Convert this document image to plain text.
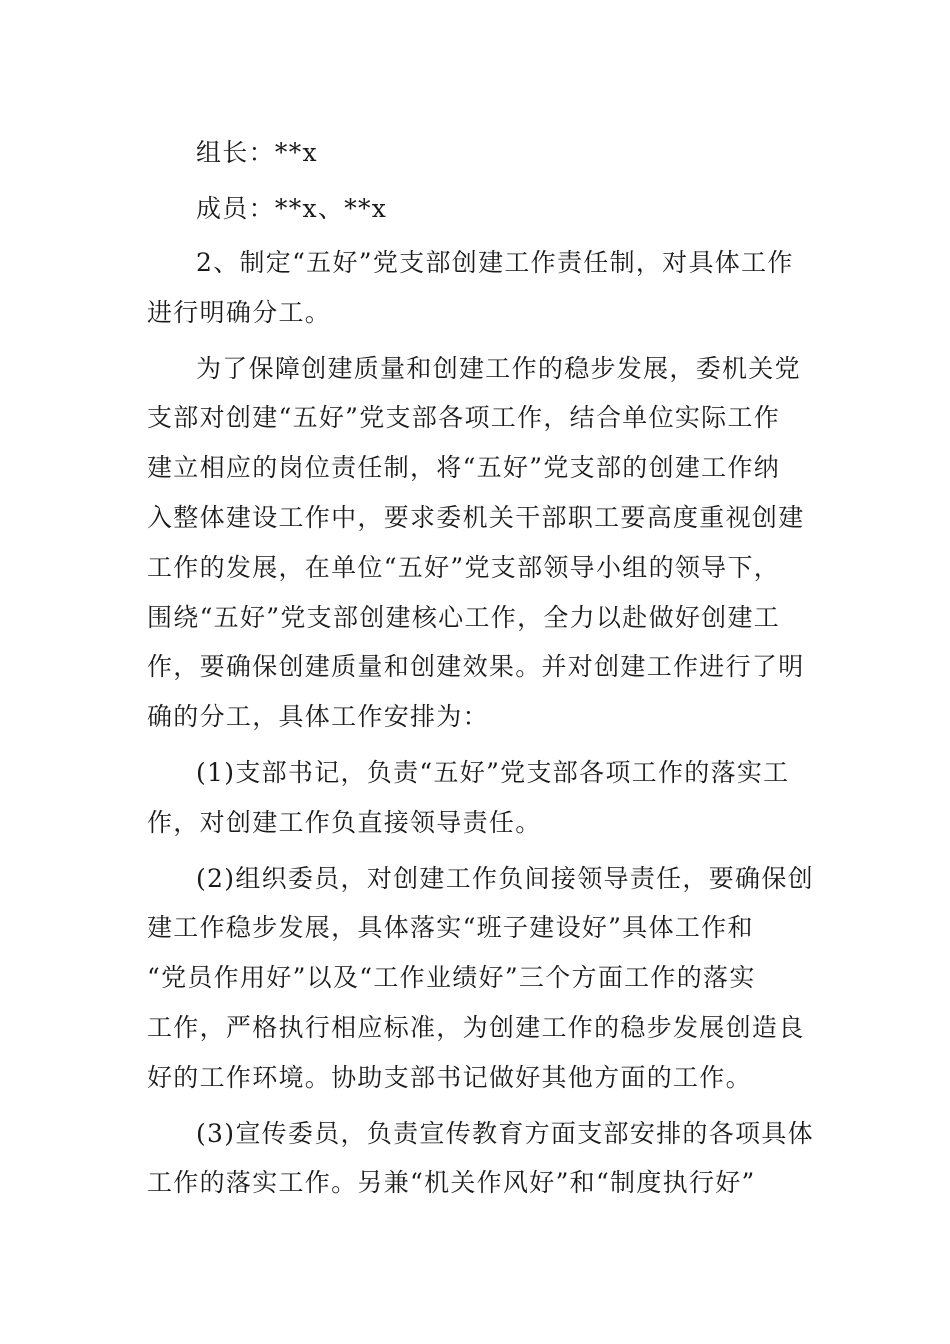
组长：**x
成员：**x、**x
2、制定“五好”党支部创建工作责任制，对具体工作
进行明确分工。
为了保障创建质量和创建工作的稳步发展，委机关党
支部对创建“五好”党支部各项工作，结合单位实际工作
建立相应的岗位责任制，将“五好”党支部的创建工作纳
入整体建设工作中，要求委机关干部职工要高度重视创建
工作的发展，在单位“五好”党支部领导小组的领导下，
围绕“五好”党支部创建核心工作，全力以赴做好创建工
作，要确保创建质量和创建效果。并对创建工作进行了明
确的分工，具体工作安排为：
(1)支部书记，负责“五好”党支部各项工作的落实工
作，对创建工作负直接领导责任。
(2)组织委员，对创建工作负间接领导责任，要确保创
建工作稳步发展，具体落实“班子建设好”具体工作和
“党员作用好”以及“工作业绩好”三个方面工作的落实
工作，严格执行相应标准，为创建工作的稳步发展创造良
好的工作环境。协助支部书记做好其他方面的工作。
(3)宣传委员，负责宣传教育方面支部安排的各项具体
工作的落实工作。另兼“机关作风好”和“制度执行好”
